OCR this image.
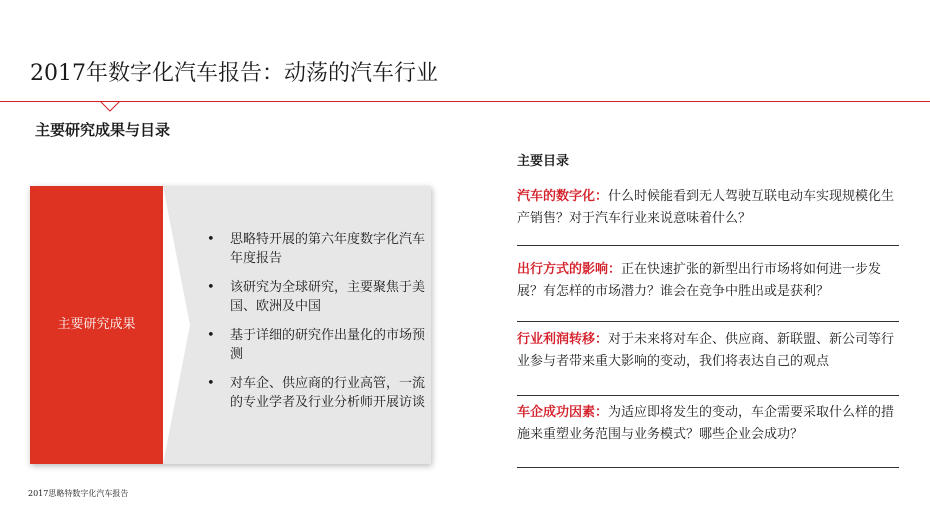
2017年数字化汽车报告：动荡的汽车行业
主要研究成果与目录
主要研究成果
• 思略特开展的第六年度数字化汽车年度报告
• 该研究为全球研究，主要聚焦于美国、欧洲及中国
• 基于详细的研究作出量化的市场预测
• 对车企、供应商的行业高管，一流的专业学者及行业分析师开展访谈
主要目录
汽车的数字化：什么时候能看到无人驾驶互联电动车实现规模化生产销售？对于汽车行业来说意味着什么？
出行方式的影响：正在快速扩张的新型出行市场将如何进一步发展？有怎样的市场潜力？谁会在竞争中胜出或是获利？
行业利润转移：对于未来将对车企、供应商、新联盟、新公司等行业参与者带来重大影响的变动，我们将表达自己的观点
车企成功因素：为适应即将发生的变动，车企需要采取什么样的措施来重塑业务范围与业务模式？哪些企业会成功？
2017思略特数字化汽车报告
